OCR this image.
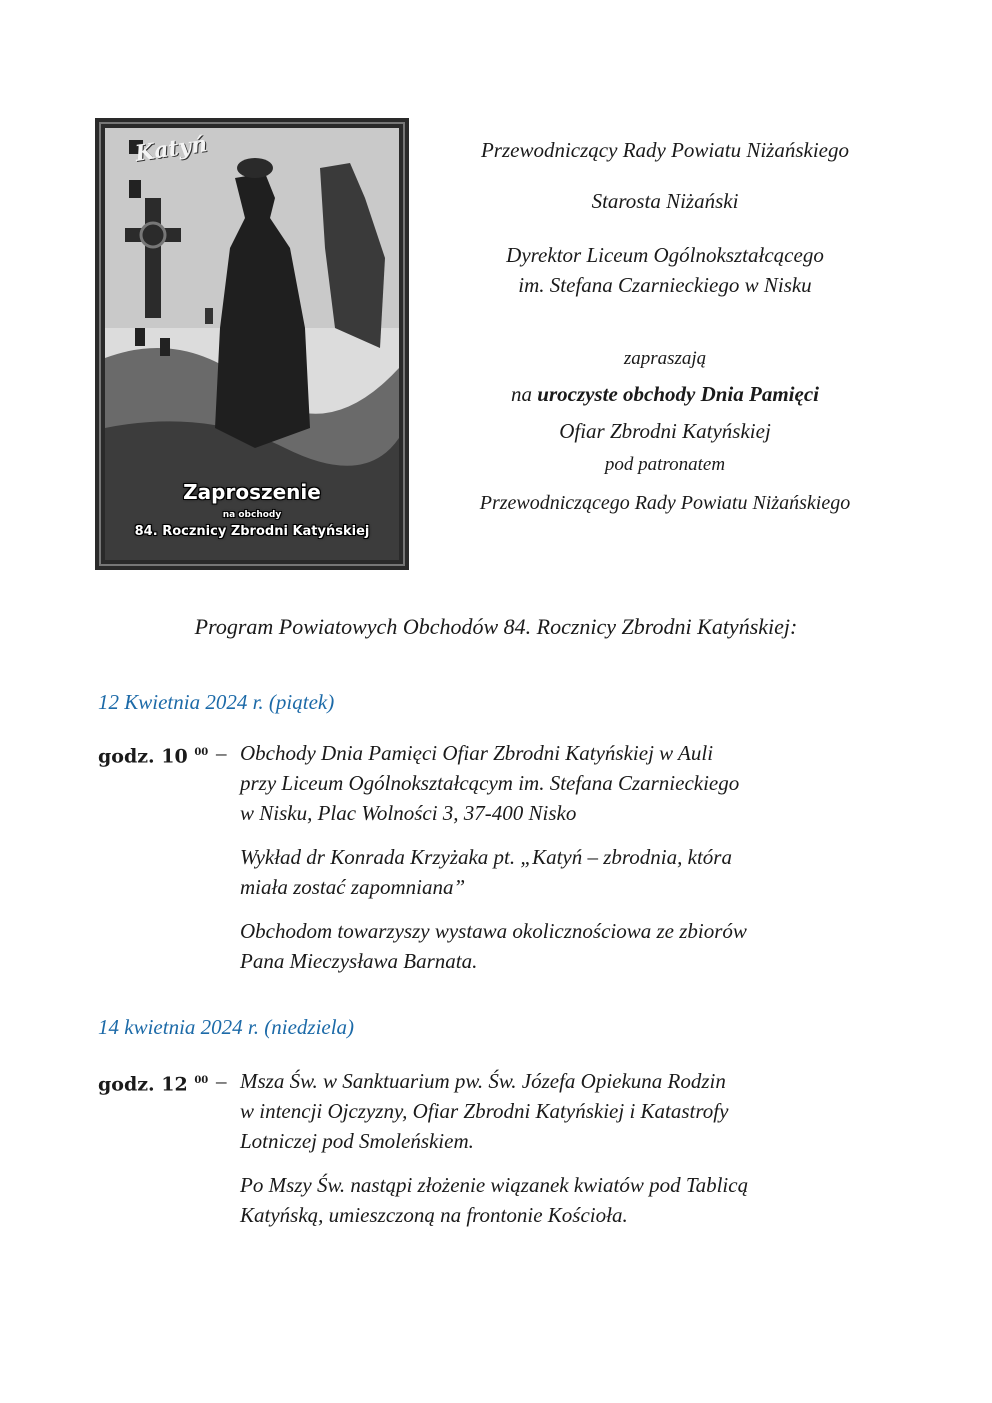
Katyń
Zaproszenie
na obchody
84. Rocznicy Zbrodni Katyńskiej
Przewodniczący Rady Powiatu Niżańskiego
Starosta Niżański
Dyrektor Liceum Ogólnokształcącego
im. Stefana Czarnieckiego w Nisku
zapraszają
na uroczyste obchody Dnia Pamięci
Ofiar Zbrodni Katyńskiej
pod patronatem
Przewodniczącego Rady Powiatu Niżańskiego
Program Powiatowych Obchodów 84. Rocznicy Zbrodni Katyńskiej:
12 Kwietnia 2024 r. (piątek)
godz. 10 $^{00}$ – Obchody Dnia Pamięci Ofiar Zbrodni Katyńskiej w Auli
przy Liceum Ogólnokształcącym im. Stefana Czarnieckiego
w Nisku, Plac Wolności 3, 37-400 Nisko
Wykład dr Konrada Krzyżaka pt. „Katyń – zbrodnia, która
miała zostać zapomniana”
Obchodom towarzyszy wystawa okolicznościowa ze zbiorów
Pana Mieczysława Barnata.
14 kwietnia 2024 r. (niedziela)
godz. 12 $^{00}$ – Msza Św. w Sanktuarium pw. Św. Józefa Opiekuna Rodzin
w intencji Ojczyzny, Ofiar Zbrodni Katyńskiej i Katastrofy
Lotniczej pod Smoleńskiem.
Po Mszy Św. nastąpi złożenie wiązanek kwiatów pod Tablicą
Katyńską, umieszczoną na frontonie Kościoła.
